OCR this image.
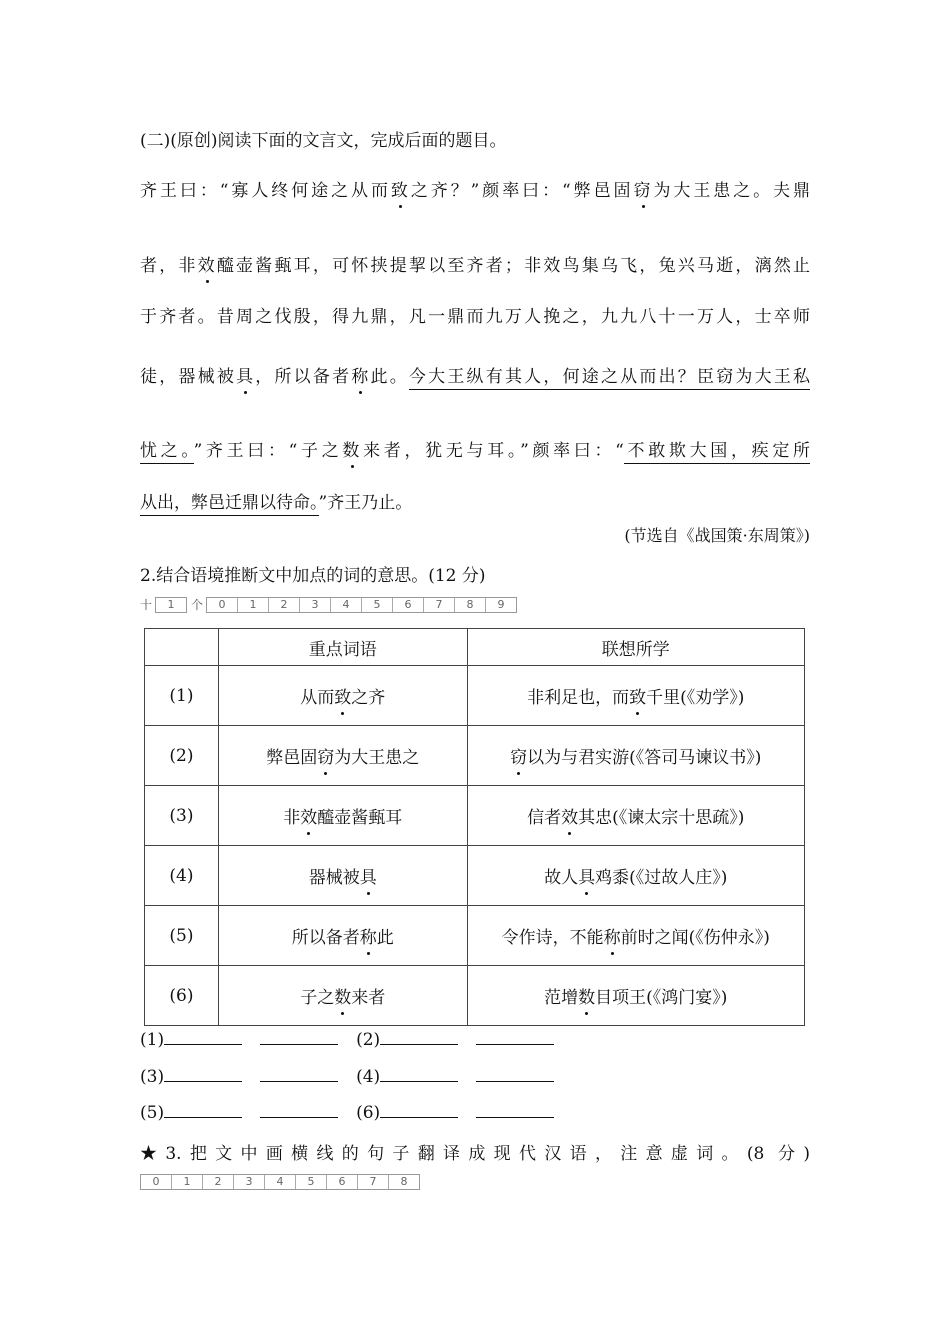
(二)(原创)阅读下面的文言文，完成后面的题目。
齐王曰：“寡人终何途之从而致之齐？”颜率曰：“弊邑固窃为大王患之。夫鼎
者，非效醯壶酱甀耳，可怀挟提挈以至齐者；非效鸟集乌飞，兔兴马逝，漓然止
于齐者。昔周之伐殷，得九鼎，凡一鼎而九万人挽之，九九八十一万人，士卒师
徒，器械被具，所以备者称此。今大王纵有其人，何途之从而出？臣窃为大王私
忧之。”齐王曰：“子之数来者，犹无与耳。”颜率曰：“不敢欺大国，疾定所
从出，弊邑迁鼎以待命。”齐王乃止。
(节选自《战国策·东周策》)
2.结合语境推断文中加点的词的意思。(12 分)
十	1	个	0	1	2	3	4	5	6	7	8	9
	重点词语	联想所学
(1)	从而致之齐	非利足也，而致千里(《劝学》)
(2)	弊邑固窃为大王患之	窃以为与君实游(《答司马谏议书》)
(3)	非效醯壶酱甀耳	信者效其忠(《谏太宗十思疏》)
(4)	器械被具	故人具鸡黍(《过故人庄》)
(5)	所以备者称此	令作诗，不能称前时之闻(《伤仲永》)
(6)	子之数来者	范增数目项王(《鸿门宴》)
(1)	(2)
(3)	(4)
(5)	(6)
★3.把文中画横线的句子翻译成现代汉语，注意虚词。(8 分)
0	1	2	3	4	5	6	7	8
